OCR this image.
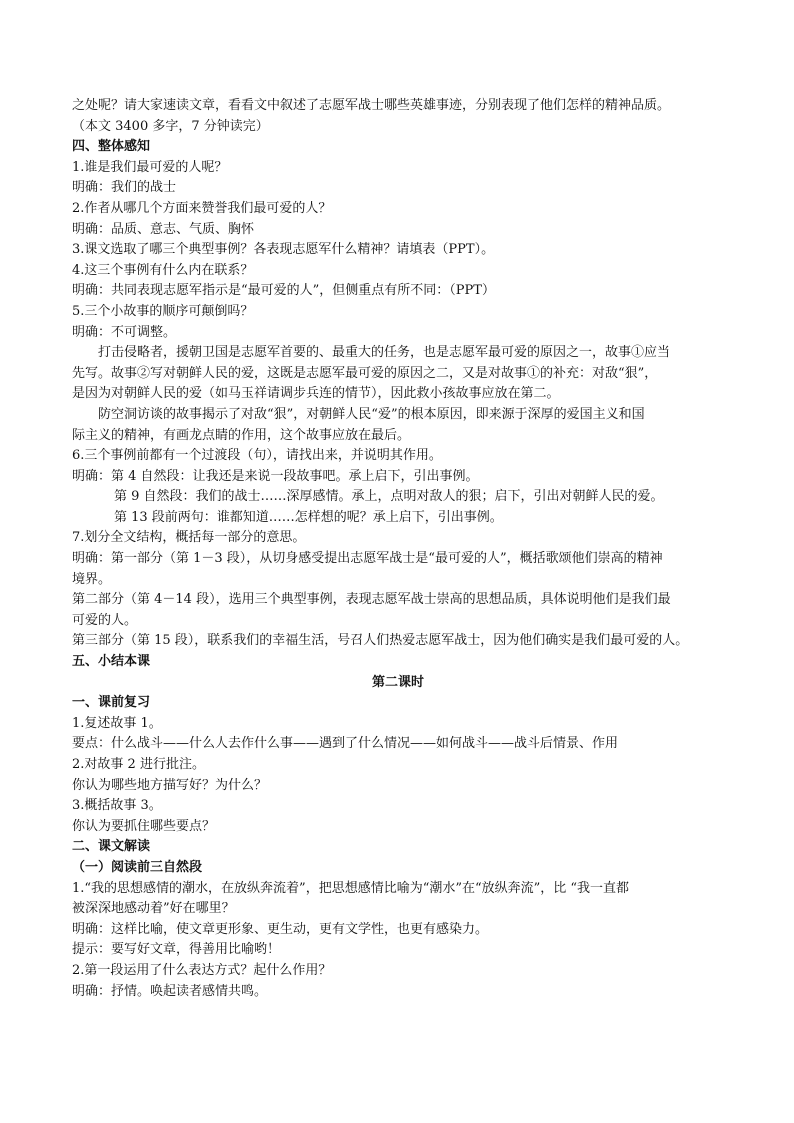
之处呢？请大家速读文章，看看文中叙述了志愿军战士哪些英雄事迹，分别表现了他们怎样的精神品质。
（本文 3400 多字，7 分钟读完）
四、整体感知
1.谁是我们最可爱的人呢？
明确：我们的战士
2.作者从哪几个方面来赞誉我们最可爱的人？
明确：品质、意志、气质、胸怀
3.课文选取了哪三个典型事例？各表现志愿军什么精神？请填表（PPT）。
4.这三个事例有什么内在联系？
明确：共同表现志愿军指示是“最可爱的人”，但侧重点有所不同：（PPT）
5.三个小故事的顺序可颠倒吗？
明确：不可调整。
打击侵略者，援朝卫国是志愿军首要的、最重大的任务，也是志愿军最可爱的原因之一，故事①应当
先写。故事②写对朝鲜人民的爱，这既是志愿军最可爱的原因之二，又是对故事①的补充：对敌“狠”，
是因为对朝鲜人民的爱（如马玉祥请调步兵连的情节），因此救小孩故事应放在第二。
防空洞访谈的故事揭示了对敌“狠”，对朝鲜人民“爱”的根本原因，即来源于深厚的爱国主义和国
际主义的精神，有画龙点睛的作用，这个故事应放在最后。
6.三个事例前都有一个过渡段（句），请找出来，并说明其作用。
明确：第 4 自然段：让我还是来说一段故事吧。承上启下，引出事例。
第 9 自然段：我们的战士……深厚感情。承上，点明对敌人的狠；启下，引出对朝鲜人民的爱。
第 13 段前两句：谁都知道……怎样想的呢？承上启下，引出事例。
7.划分全文结构，概括每一部分的意思。
明确：第一部分（第 1－3 段），从切身感受提出志愿军战士是“最可爱的人”，概括歌颂他们崇高的精神
境界。
第二部分（第 4－14 段），选用三个典型事例，表现志愿军战士崇高的思想品质，具体说明他们是我们最
可爱的人。
第三部分（第 15 段），联系我们的幸福生活，号召人们热爱志愿军战士，因为他们确实是我们最可爱的人。
五、小结本课
第二课时
一、课前复习
1.复述故事 1。
要点：什么战斗——什么人去作什么事——遇到了什么情况——如何战斗——战斗后情景、作用
2.对故事 2 进行批注。
你认为哪些地方描写好？为什么？
3.概括故事 3。
你认为要抓住哪些要点？
二、课文解读
（一）阅读前三自然段
1.“我的思想感情的潮水，在放纵奔流着”，把思想感情比喻为“潮水”在“放纵奔流”，比 “我一直都
被深深地感动着”好在哪里？
明确：这样比喻，使文章更形象、更生动，更有文学性，也更有感染力。
提示：要写好文章，得善用比喻哟！
2.第一段运用了什么表达方式？起什么作用？
明确：抒情。唤起读者感情共鸣。
